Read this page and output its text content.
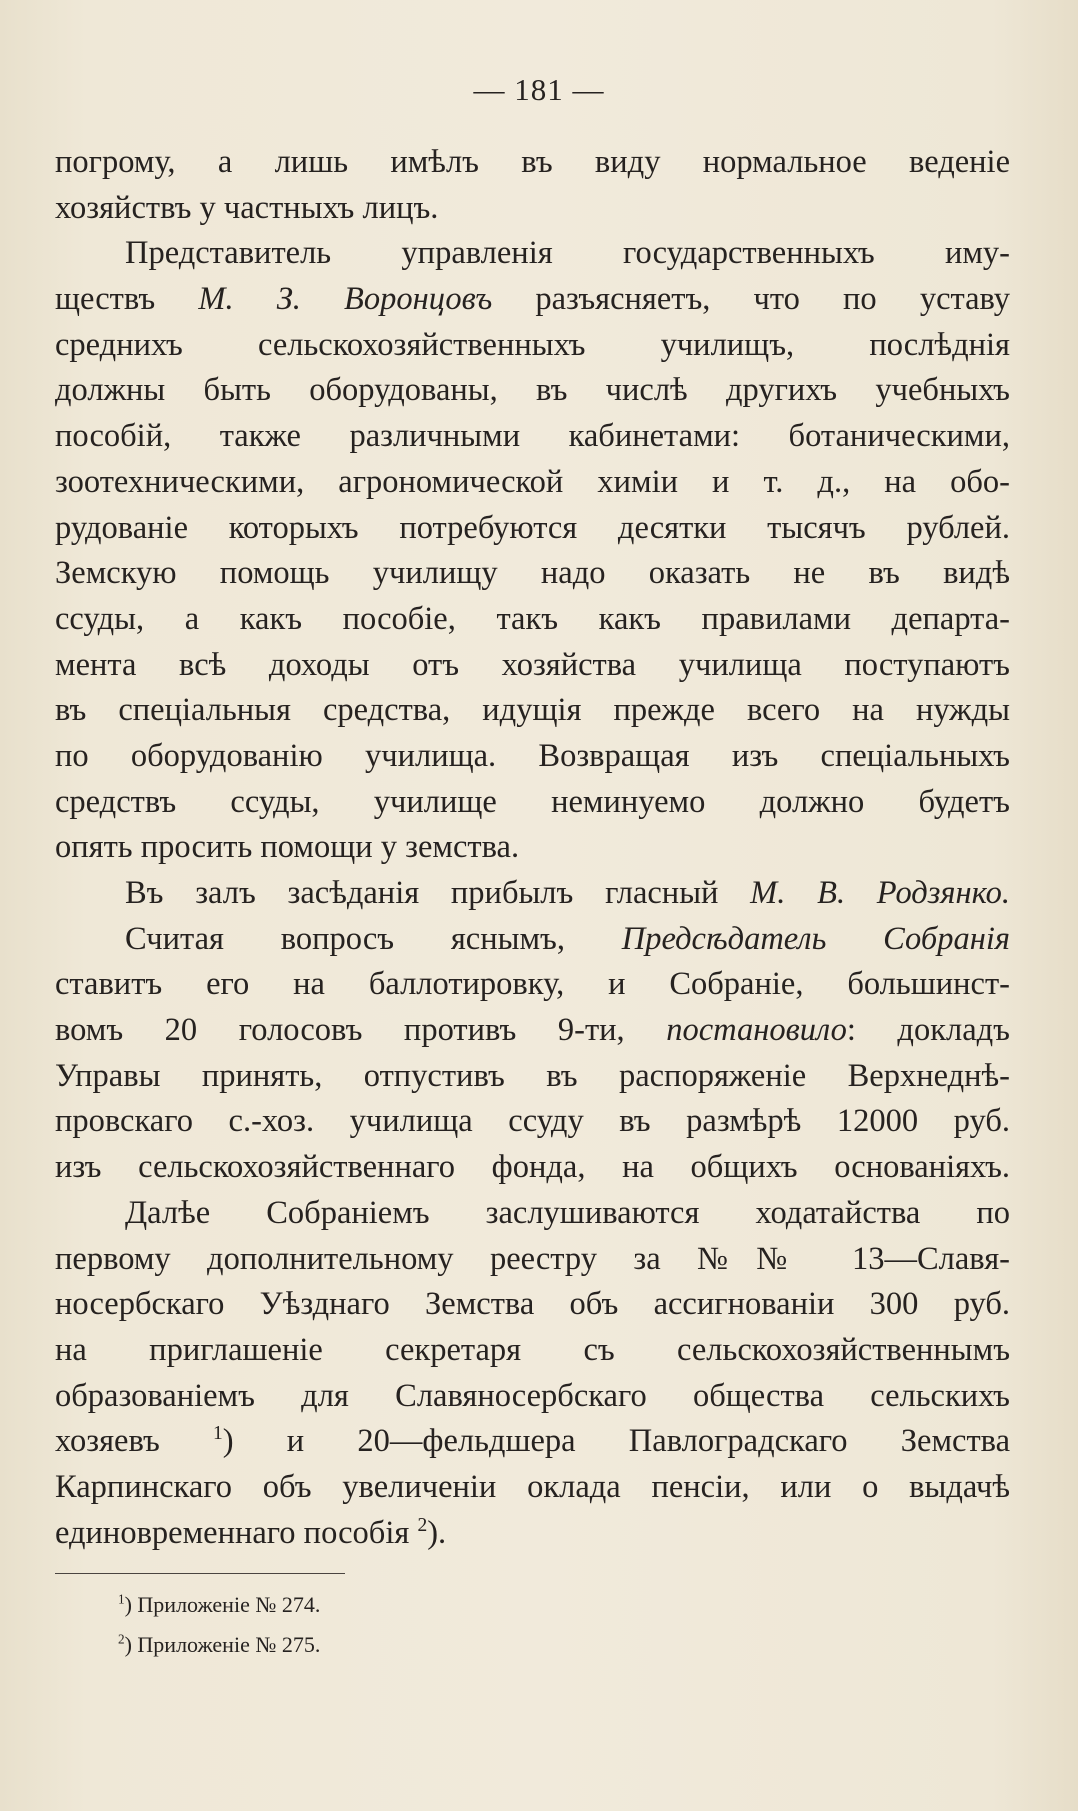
— 181 —
погрому, а лишь имѣлъ въ виду нормальное веденіе
хозяйствъ у частныхъ лицъ.
Представитель управленія государственныхъ иму-
ществъ М. З. Воронцовъ разъясняетъ, что по уставу
среднихъ сельскохозяйственныхъ училищъ, послѣднія
должны быть оборудованы, въ числѣ другихъ учебныхъ
пособій, также различными кабинетами: ботаническими,
зоотехническими, агрономической химіи и т. д., на обо-
рудованіе которыхъ потребуются десятки тысячъ рублей.
Земскую помощь училищу надо оказать не въ видѣ
ссуды, а какъ пособіе, такъ какъ правилами департа-
мента всѣ доходы отъ хозяйства училища поступаютъ
въ спеціальныя средства, идущія прежде всего на нужды
по оборудованію училища. Возвращая изъ спеціальныхъ
средствъ ссуды, училище неминуемо должно будетъ
опять просить помощи у земства.
Въ залъ засѣданія прибылъ гласный М. В. Родзянко.
Считая вопросъ яснымъ, Предсѣдатель Собранія
ставитъ его на баллотировку, и Собраніе, большинст-
вомъ 20 голосовъ противъ 9-ти, постановило: докладъ
Управы принять, отпустивъ въ распоряженіе Верхнеднѣ-
провскаго с.-хоз. училища ссуду въ размѣрѣ 12000 руб.
изъ сельскохозяйственнаго фонда, на общихъ основаніяхъ.
Далѣе Собраніемъ заслушиваются ходатайства по
первому дополнительному реестру за №№ 13—Славя-
носербскаго Уѣзднаго Земства объ ассигнованіи 300 руб.
на приглашеніе секретаря съ сельскохозяйственнымъ
образованіемъ для Славяносербскаго общества сельскихъ
хозяевъ $^1$) и 20—фельдшера Павлоградскаго Земства
Карпинскаго объ увеличеніи оклада пенсіи, или о выдачѣ
единовременнаго пособія $^2$).
$^1$) Приложеніе № 274.
$^2$) Приложеніе № 275.
